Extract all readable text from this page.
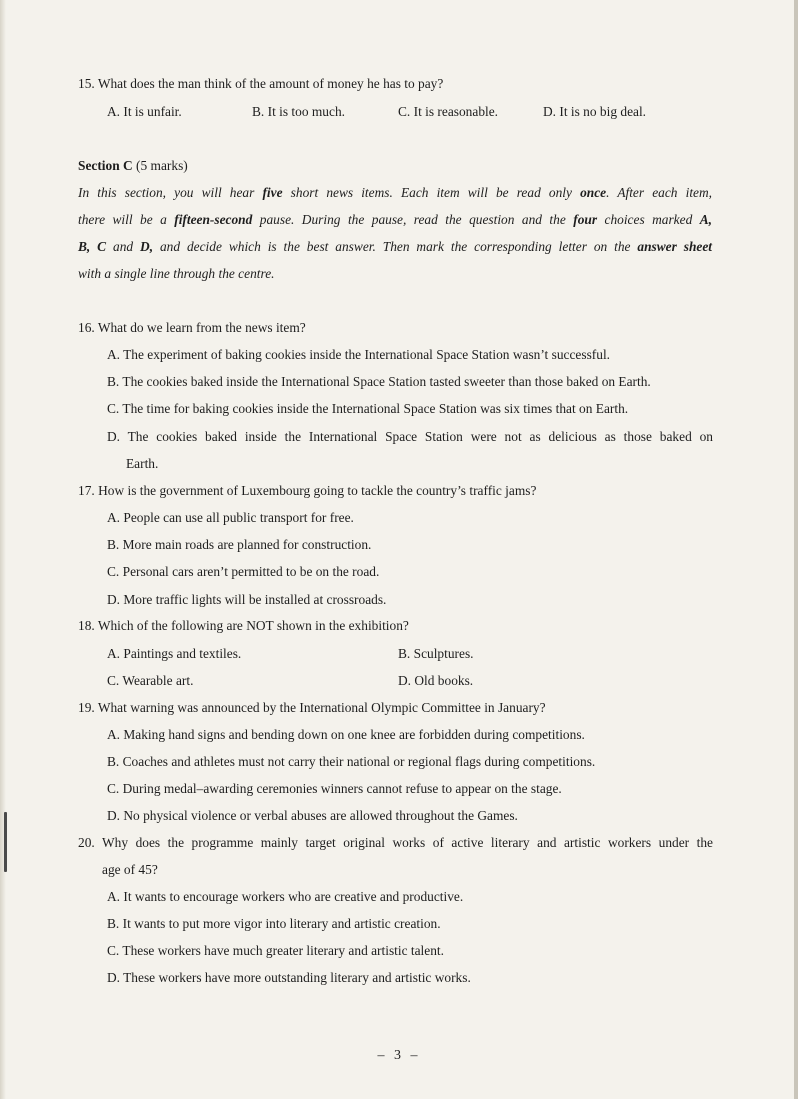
15. What does the man think of the amount of money he has to pay?
A. It is unfair.	B. It is too much.	C. It is reasonable.	D. It is no big deal.
Section C (5 marks)
In this section, you will hear five short news items. Each item will be read only once. After each item,
there will be a fifteen-second pause. During the pause, read the question and the four choices marked A,
B, C and D, and decide which is the best answer. Then mark the corresponding letter on the answer sheet
with a single line through the centre.
16. What do we learn from the news item?
A. The experiment of baking cookies inside the International Space Station wasn’t successful.
B. The cookies baked inside the International Space Station tasted sweeter than those baked on Earth.
C. The time for baking cookies inside the International Space Station was six times that on Earth.
D. The cookies baked inside the International Space Station were not as delicious as those baked on
Earth.
17. How is the government of Luxembourg going to tackle the country’s traffic jams?
A. People can use all public transport for free.
B. More main roads are planned for construction.
C. Personal cars aren’t permitted to be on the road.
D. More traffic lights will be installed at crossroads.
18. Which of the following are NOT shown in the exhibition?
A. Paintings and textiles.	B. Sculptures.
C. Wearable art.	D. Old books.
19. What warning was announced by the International Olympic Committee in January?
A. Making hand signs and bending down on one knee are forbidden during competitions.
B. Coaches and athletes must not carry their national or regional flags during competitions.
C. During medal–awarding ceremonies winners cannot refuse to appear on the stage.
D. No physical violence or verbal abuses are allowed throughout the Games.
20. Why does the programme mainly target original works of active literary and artistic workers under the
age of 45?
A. It wants to encourage workers who are creative and productive.
B. It wants to put more vigor into literary and artistic creation.
C. These workers have much greater literary and artistic talent.
D. These workers have more outstanding literary and artistic works.
– 3 –
